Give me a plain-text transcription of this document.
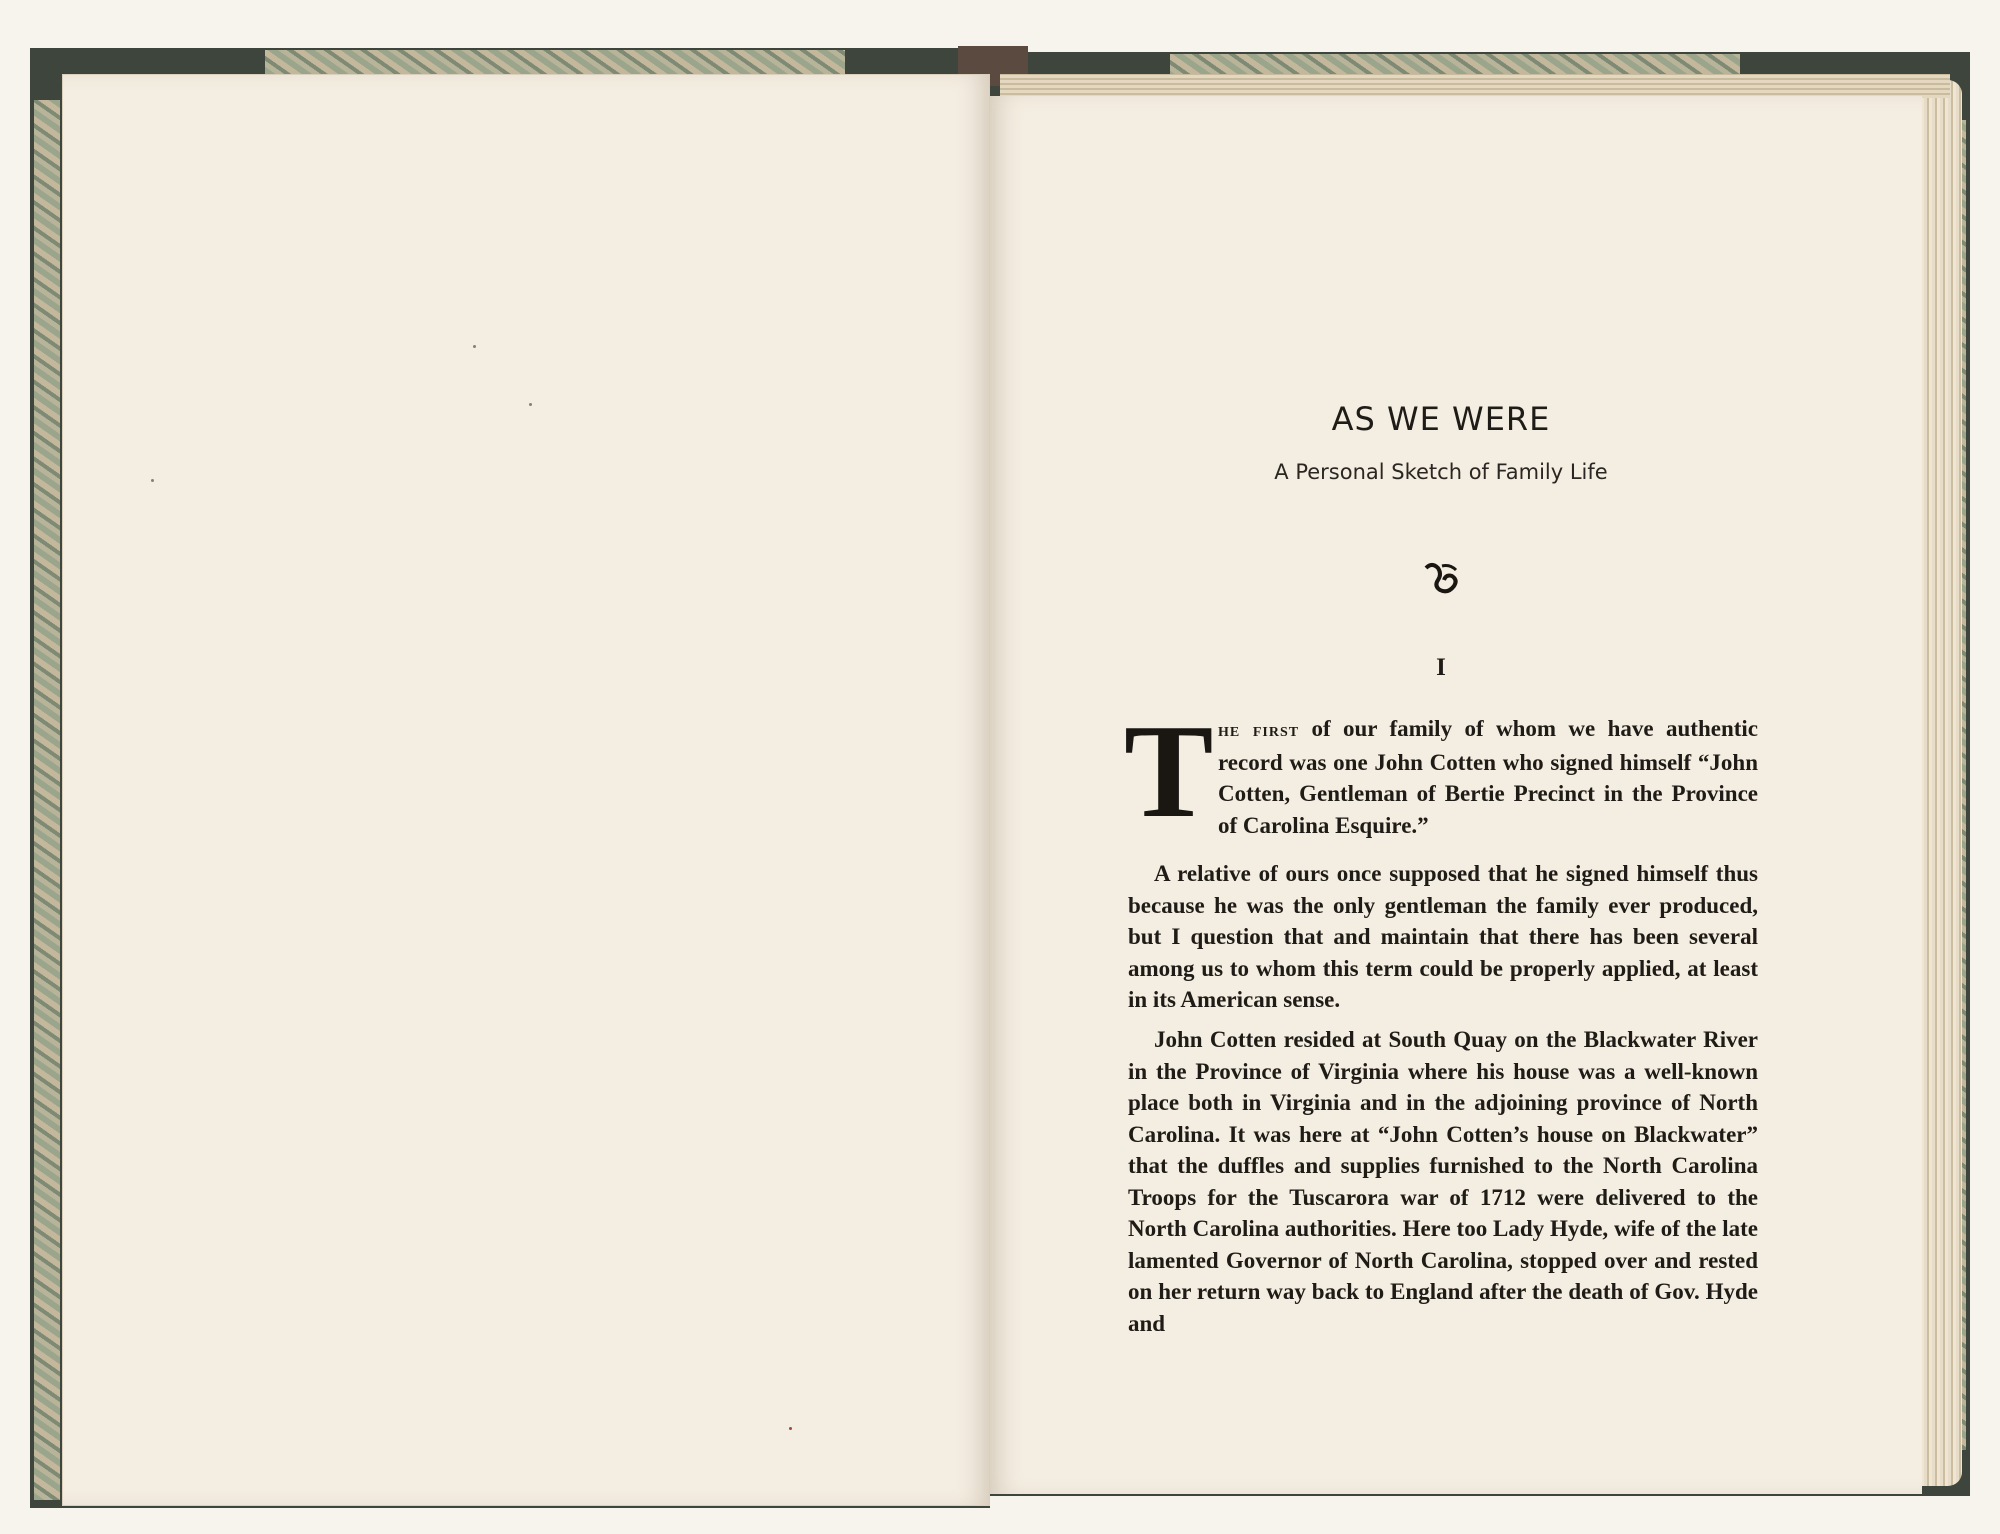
AS WE WERE
A Personal Sketch of Family Life
I
T he first of our family of whom we have authentic record was one John Cotten who signed himself “John Cotten, Gentleman of Bertie Precinct in the Province of Carolina Esquire.”
A relative of ours once supposed that he signed himself thus because he was the only gentleman the family ever produced, but I question that and maintain that there has been several among us to whom this term could be properly applied, at least in its American sense.
John Cotten resided at South Quay on the Blackwater River in the Province of Virginia where his house was a well-known place both in Virginia and in the adjoining province of North Carolina. It was here at “John Cotten’s house on Blackwater” that the duffles and supplies furnished to the North Carolina Troops for the Tuscarora war of 1712 were delivered to the North Carolina authorities. Here too Lady Hyde, wife of the late lamented Governor of North Carolina, stopped over and rested on her return way back to England after the death of Gov. Hyde and
